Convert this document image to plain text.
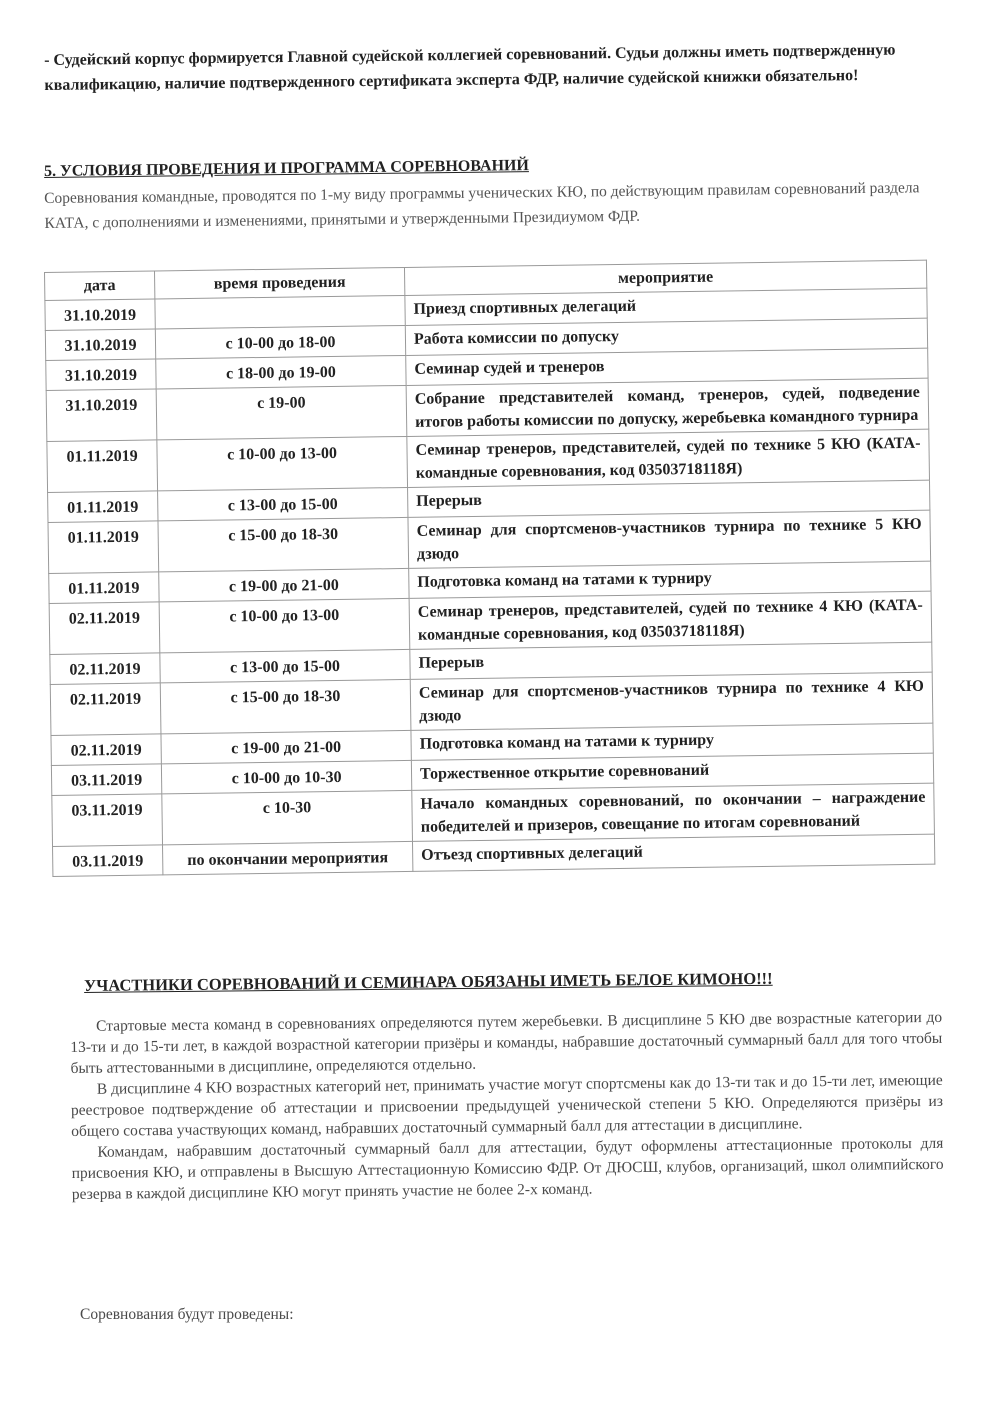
- Судейский корпус формируется Главной судейской коллегией соревнований. Судьи должны иметь подтвержденную квалификацию, наличие подтвержденного сертификата эксперта ФДР, наличие судейской книжки обязательно!
5. УСЛОВИЯ ПРОВЕДЕНИЯ И ПРОГРАММА СОРЕВНОВАНИЙ
Соревнования командные, проводятся по 1-му виду программы ученических КЮ, по действующим правилам соревнований раздела КАТА, с дополнениями и изменениями, принятыми и утвержденными Президиумом ФДР.
дата	время проведения	мероприятие
31.10.2019		Приезд спортивных делегаций
31.10.2019	с 10-00 до 18-00	Работа комиссии по допуску
31.10.2019	с 18-00 до 19-00	Семинар судей и тренеров
31.10.2019	с 19-00	Собрание представителей команд, тренеров, судей, подведение итогов работы комиссии по допуску, жеребьевка командного турнира
01.11.2019	с 10-00 до 13-00	Семинар тренеров, представителей, судей по технике 5 КЮ (КАТА-командные соревнования, код 03503718118Я)
01.11.2019	с 13-00 до 15-00	Перерыв
01.11.2019	с 15-00 до 18-30	Семинар для спортсменов-участников турнира по технике 5 КЮ дзюдо
01.11.2019	с 19-00 до 21-00	Подготовка команд на татами к турниру
02.11.2019	с 10-00 до 13-00	Семинар тренеров, представителей, судей по технике 4 КЮ (КАТА-командные соревнования, код 03503718118Я)
02.11.2019	с 13-00 до 15-00	Перерыв
02.11.2019	с 15-00 до 18-30	Семинар для спортсменов-участников турнира по технике 4 КЮ дзюдо
02.11.2019	с 19-00 до 21-00	Подготовка команд на татами к турниру
03.11.2019	с 10-00 до 10-30	Торжественное открытие соревнований
03.11.2019	с 10-30	Начало командных соревнований, по окончании – награждение победителей и призеров, совещание по итогам соревнований
03.11.2019	по окончании мероприятия	Отъезд спортивных делегаций
УЧАСТНИКИ СОРЕВНОВАНИЙ И СЕМИНАРА ОБЯЗАНЫ ИМЕТЬ БЕЛОЕ КИМОНО!!!

Стартовые места команд в соревнованиях определяются путем жеребьевки. В дисциплине 5 КЮ две возрастные категории до 13-ти и до 15-ти лет, в каждой возрастной категории призёры и команды, набравшие достаточный суммарный балл для того чтобы быть аттестованными в дисциплине, определяются отдельно.

В дисциплине 4 КЮ возрастных категорий нет, принимать участие могут спортсмены как до 13-ти так и до 15-ти лет, имеющие реестровое подтверждение об аттестации и присвоении предыдущей ученической степени 5 КЮ. Определяются призёры из общего состава участвующих команд, набравших достаточный суммарный балл для аттестации в дисциплине.

Командам, набравшим достаточный суммарный балл для аттестации, будут оформлены аттестационные протоколы для присвоения КЮ, и отправлены в Высшую Аттестационную Комиссию ФДР. От ДЮСШ, клубов, организаций, школ олимпийского резерва в каждой дисциплине КЮ могут принять участие не более 2-х команд.

Соревнования будут проведены:
